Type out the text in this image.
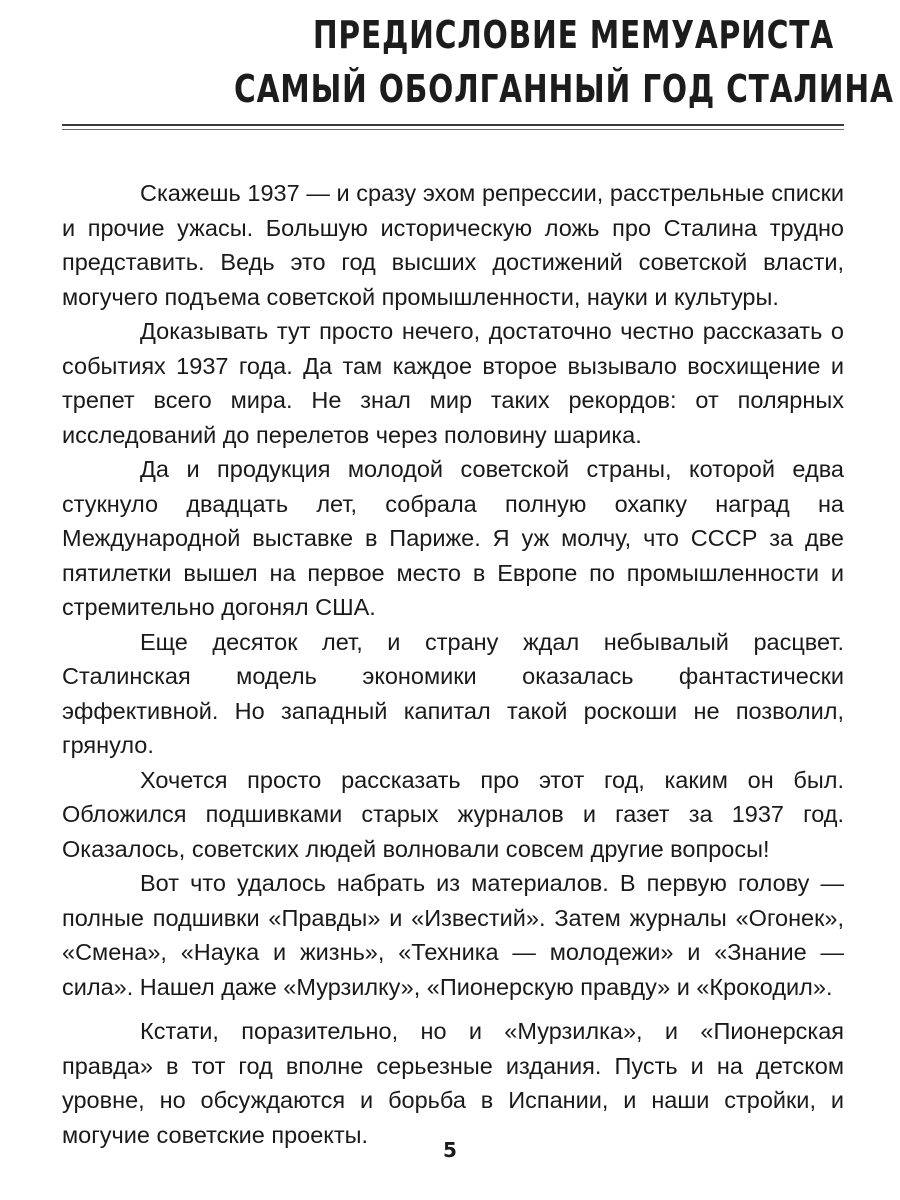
ПРЕДИСЛОВИЕ МЕМУАРИСТА
САМЫЙ ОБОЛГАННЫЙ ГОД СТАЛИНА

Скажешь 1937 — и сразу эхом репрессии, расстрельные списки и прочие ужасы. Большую историческую ложь про Сталина трудно представить. Ведь это год высших достижений советской власти, могучего подъема советской промышленности, науки и культуры.

Доказывать тут просто нечего, достаточно честно рассказать о событиях 1937 года. Да там каждое второе вызывало восхищение и трепет всего мира. Не знал мир таких рекордов: от полярных исследований до перелетов через половину шарика.

Да и продукция молодой советской страны, которой едва стукнуло двадцать лет, собрала полную охапку наград на Международной выставке в Париже. Я уж молчу, что СССР за две пятилетки вышел на первое место в Европе по промышленности и стремительно догонял США.

Еще десяток лет, и страну ждал небывалый расцвет. Сталинская модель экономики оказалась фантастически эффективной. Но западный капитал такой роскоши не позволил, грянуло.

Хочется просто рассказать про этот год, каким он был. Обложился подшивками старых журналов и газет за 1937 год. Оказалось, советских людей волновали совсем другие вопросы!

Вот что удалось набрать из материалов. В первую голову — полные подшивки «Правды» и «Известий». Затем журналы «Огонек», «Смена», «Наука и жизнь», «Техника — молодежи» и «Знание — сила». Нашел даже «Мурзилку», «Пионерскую правду» и «Крокодил».

Кстати, поразительно, но и «Мурзилка», и «Пионерская правда» в тот год вполне серьезные издания. Пусть и на детском уровне, но обсуждаются и борьба в Испании, и наши стройки, и могучие советские проекты.

5
